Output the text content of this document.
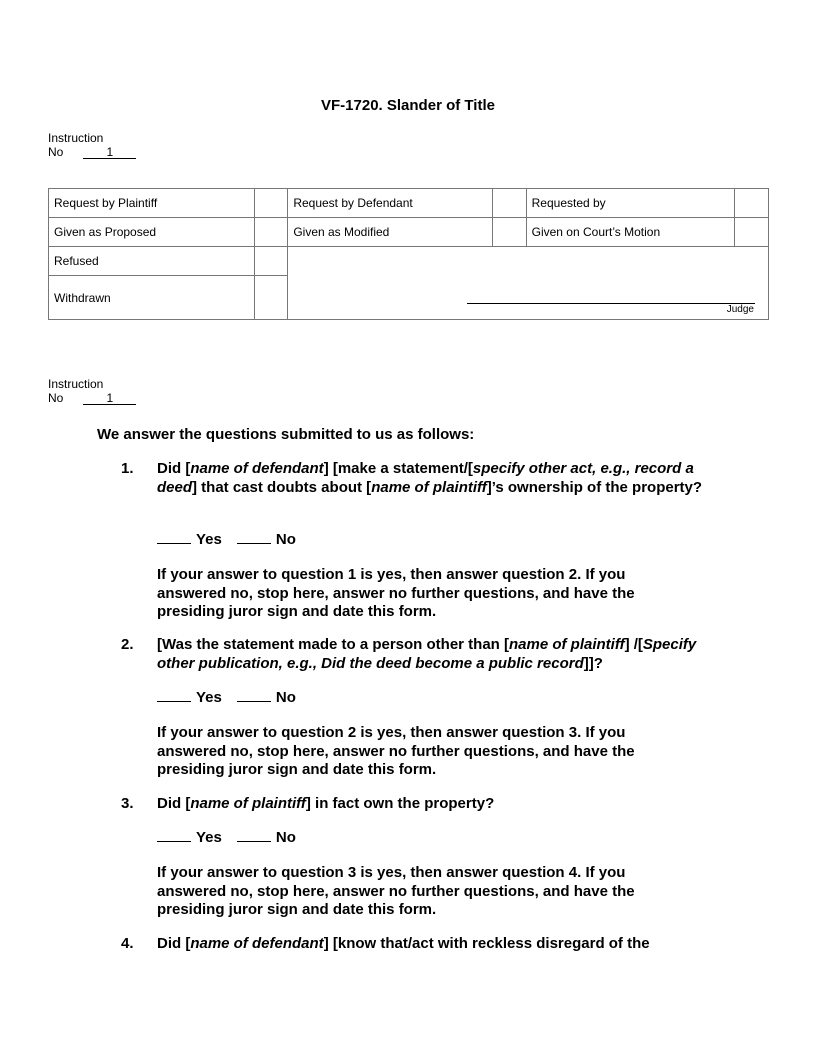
VF-1720. Slander of Title
Instruction
No	1
Request by Plaintiff		Request by Defendant		Requested by	
Given as Proposed		Given as Modified		Given on Court’s Motion	
Refused					
Withdrawn					
Judge
Instruction
No	1
We answer the questions submitted to us as follows:
1. Did [name of defendant] [make a statement/[specify other act, e.g., record a deed] that cast doubts about [name of plaintiff]’s ownership of the property?
Yes	No
If your answer to question 1 is yes, then answer question 2. If you answered no, stop here, answer no further questions, and have the presiding juror sign and date this form.
2. [Was the statement made to a person other than [name of plaintiff] /[Specify other publication, e.g., Did the deed become a public record]]?
Yes	No
If your answer to question 2 is yes, then answer question 3. If you answered no, stop here, answer no further questions, and have the presiding juror sign and date this form.
3. Did [name of plaintiff] in fact own the property?
Yes	No
If your answer to question 3 is yes, then answer question 4. If you answered no, stop here, answer no further questions, and have the presiding juror sign and date this form.
4. Did [name of defendant] [know that/act with reckless disregard of the
